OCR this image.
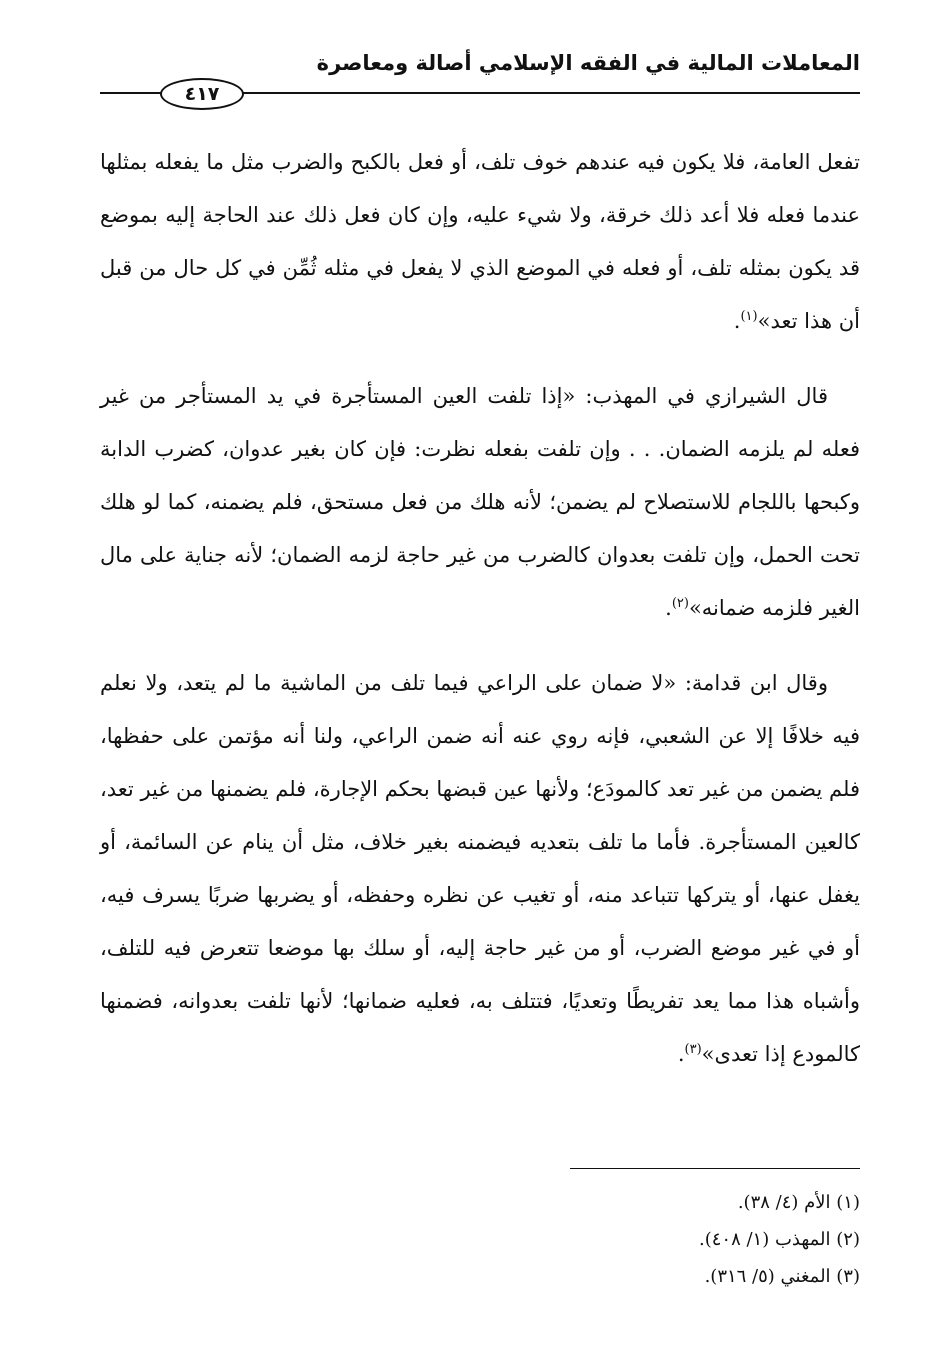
المعاملات المالية في الفقه الإسلامي أصالة ومعاصرة
٤١٧

تفعل العامة، فلا يكون فيه عندهم خوف تلف، أو فعل بالكبح والضرب مثل ما يفعله بمثلها عندما فعله فلا أعد ذلك خرقة، ولا شيء عليه، وإن كان فعل ذلك عند الحاجة إليه بموضع قد يكون بمثله تلف، أو فعله في الموضع الذي لا يفعل في مثله ثُمِّن في كل حال من قبل أن هذا تعد»$^{(١)}$.

قال الشيرازي في المهذب: «إذا تلفت العين المستأجرة في يد المستأجر من غير فعله لم يلزمه الضمان. . . وإن تلفت بفعله نظرت: فإن كان بغير عدوان، كضرب الدابة وكبحها باللجام للاستصلاح لم يضمن؛ لأنه هلك من فعل مستحق، فلم يضمنه، كما لو هلك تحت الحمل، وإن تلفت بعدوان كالضرب من غير حاجة لزمه الضمان؛ لأنه جناية على مال الغير فلزمه ضمانه»$^{(٢)}$.

وقال ابن قدامة: «لا ضمان على الراعي فيما تلف من الماشية ما لم يتعد، ولا نعلم فيه خلافًا إلا عن الشعبي، فإنه روي عنه أنه ضمن الراعي، ولنا أنه مؤتمن على حفظها، فلم يضمن من غير تعد كالمودَع؛ ولأنها عين قبضها بحكم الإجارة، فلم يضمنها من غير تعد، كالعين المستأجرة. فأما ما تلف بتعديه فيضمنه بغير خلاف، مثل أن ينام عن السائمة، أو يغفل عنها، أو يتركها تتباعد منه، أو تغيب عن نظره وحفظه، أو يضربها ضربًا يسرف فيه، أو في غير موضع الضرب، أو من غير حاجة إليه، أو سلك بها موضعا تتعرض فيه للتلف، وأشباه هذا مما يعد تفريطًا وتعديًا، فتتلف به، فعليه ضمانها؛ لأنها تلفت بعدوانه، فضمنها كالمودع إذا تعدى»$^{(٣)}$.

(١) الأم (٤/ ٣٨).
(٢) المهذب (١/ ٤٠٨).
(٣) المغني (٥/ ٣١٦).
